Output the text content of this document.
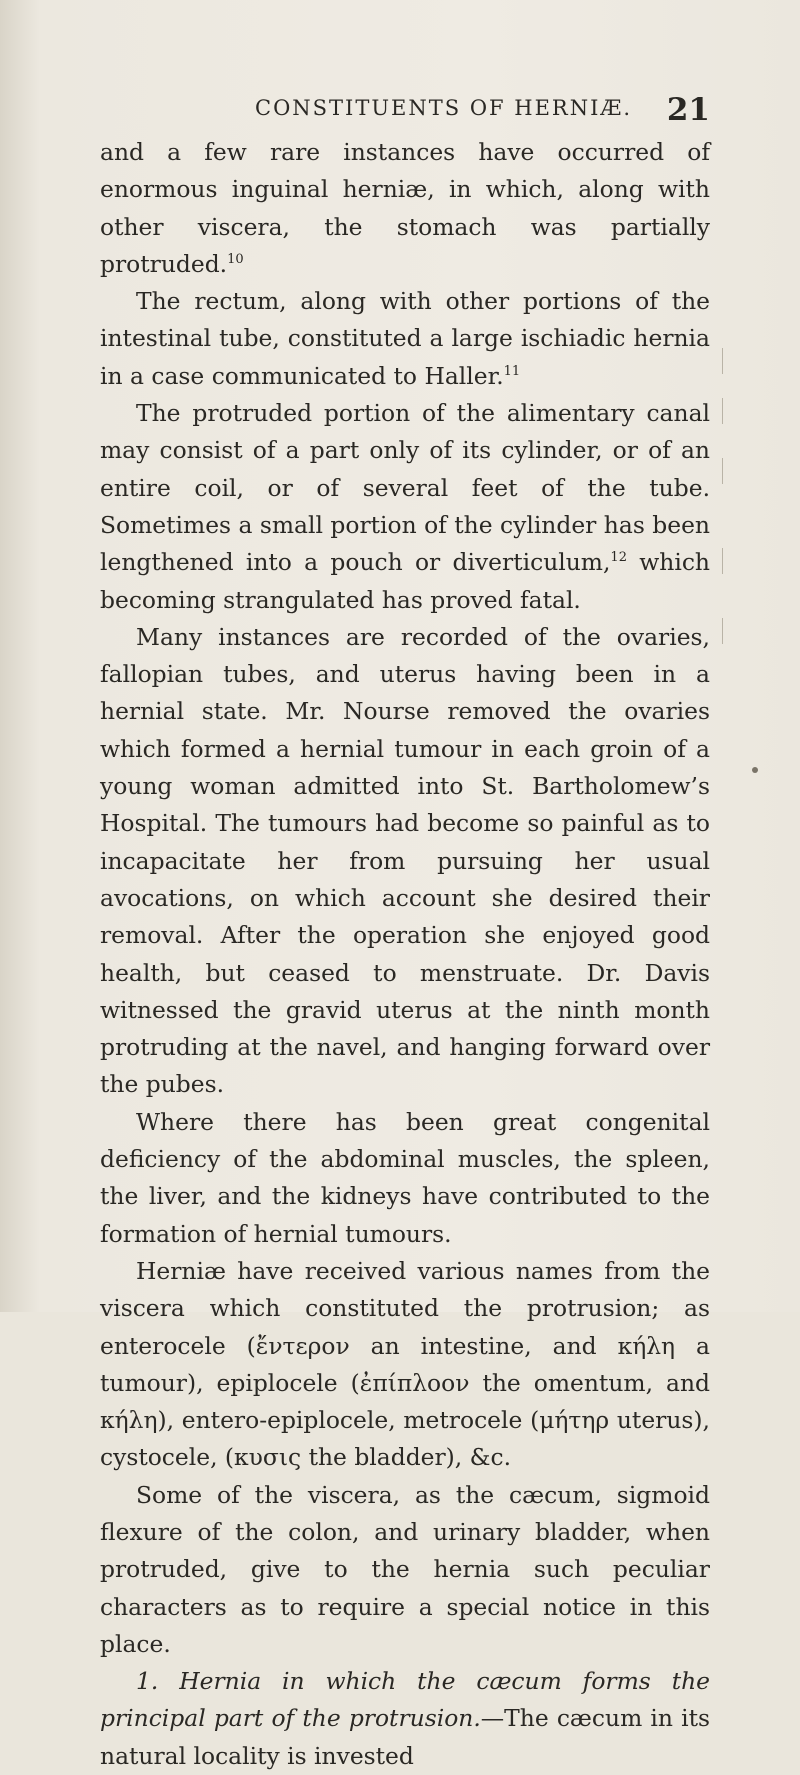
CONSTITUENTS OF HERNIÆ. 21

and a few rare instances have occurred of enormous inguinal herniæ, in which, along with other viscera, the stomach was partially protruded.$^{10}$

The rectum, along with other portions of the intestinal tube, constituted a large ischiadic hernia in a case communicated to Haller.$^{11}$

The protruded portion of the alimentary canal may consist of a part only of its cylinder, or of an entire coil, or of several feet of the tube. Sometimes a small portion of the cylinder has been lengthened into a pouch or diverticulum,$^{12}$ which becoming strangulated has proved fatal.

Many instances are recorded of the ovaries, fallopian tubes, and uterus having been in a hernial state. Mr. Nourse removed the ovaries which formed a hernial tumour in each groin of a young woman admitted into St. Bartholomew’s Hospital. The tumours had become so painful as to incapacitate her from pursuing her usual avocations, on which account she desired their removal. After the operation she enjoyed good health, but ceased to menstruate. Dr. Davis witnessed the gravid uterus at the ninth month protruding at the navel, and hanging forward over the pubes.

Where there has been great congenital deficiency of the abdominal muscles, the spleen, the liver, and the kidneys have contributed to the formation of hernial tumours.

Herniæ have received various names from the viscera which constituted the protrusion; as enterocele (ἔντερον an intestine, and κήλη a tumour), epiplocele (ἐπίπλοον the omentum, and κήλη), entero-epiplocele, metrocele (μήτηρ uterus), cystocele, (κυσις the bladder), &c.

Some of the viscera, as the cæcum, sigmoid flexure of the colon, and urinary bladder, when protruded, give to the hernia such peculiar characters as to require a special notice in this place.

1. Hernia in which the cæcum forms the principal part of the protrusion.—The cæcum in its natural locality is invested
